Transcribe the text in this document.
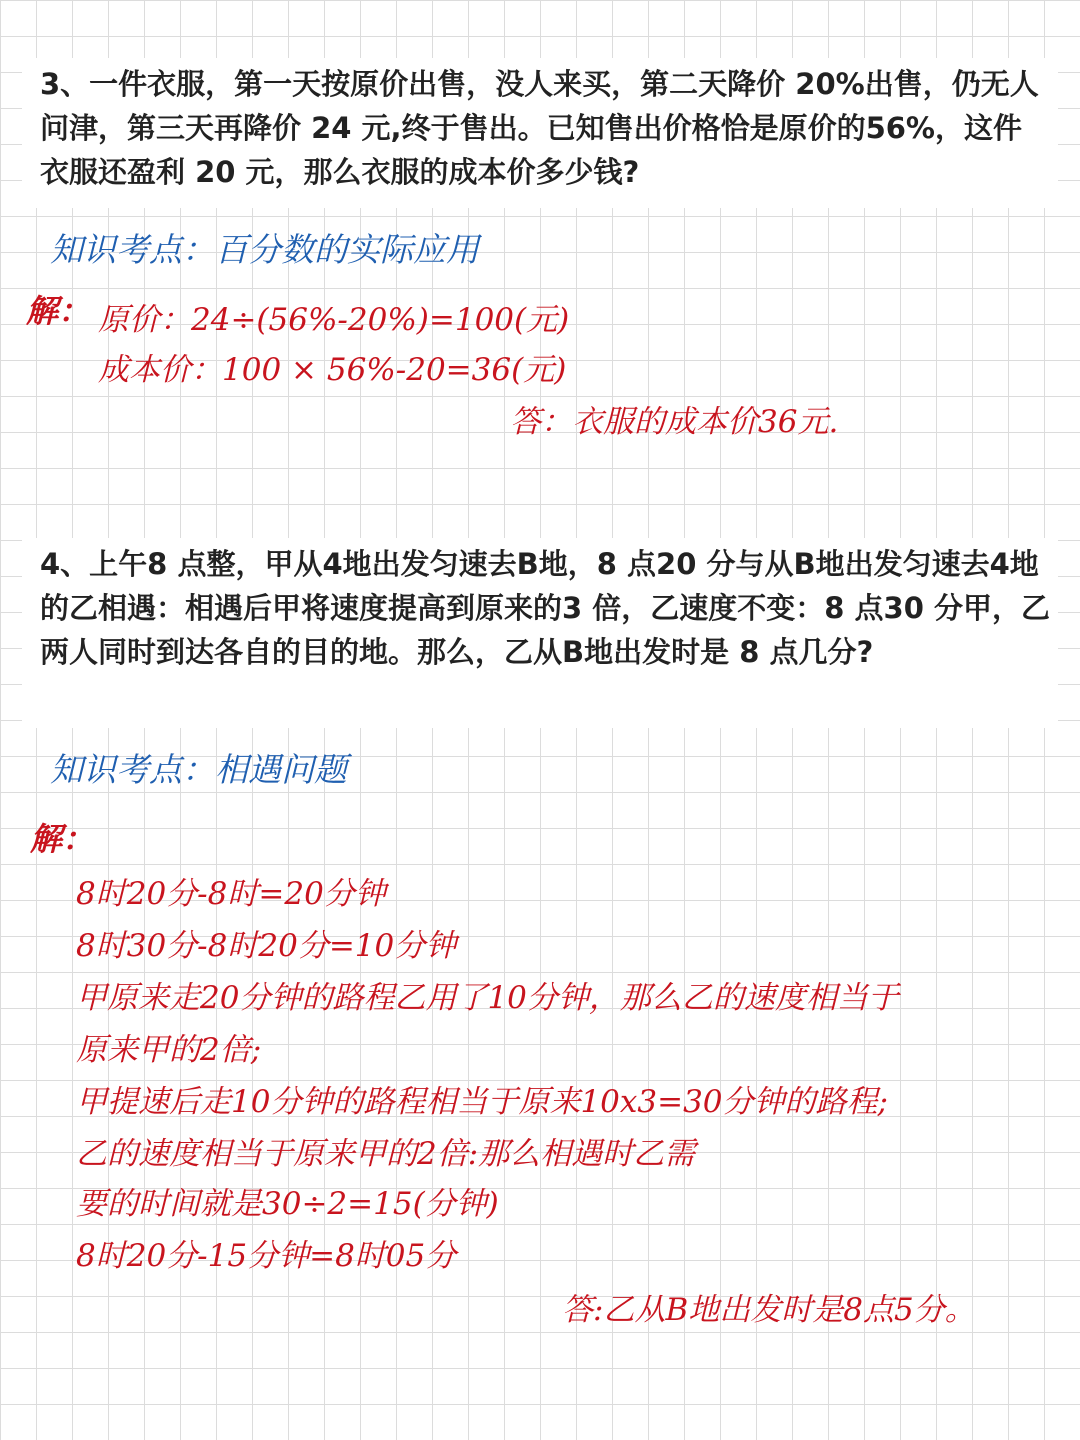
3、一件衣服，第一天按原价出售，没人来买，第二天降价 20%出售，仍无人问津，第三天再降价 24 元,终于售出。已知售出价格恰是原价的56%，这件衣服还盈利 20 元，那么衣服的成本价多少钱?

知识考点：百分数的实际应用

解： 原价：24÷(56%-20%)=100(元)

成本价：100 × 56%-20=36(元)

答：衣服的成本价36元.

4、上午8 点整，甲从4地出发匀速去B地，8 点20 分与从B地出发匀速去4地的乙相遇：相遇后甲将速度提高到原来的3 倍，乙速度不变：8 点30 分甲，乙两人同时到达各自的目的地。那么，乙从B地出发时是 8 点几分?

知识考点：相遇问题

解：

8时20分-8时=20分钟

8时30分-8时20分=10分钟

甲原来走20分钟的路程乙用了10分钟，那么乙的速度相当于

原来甲的2倍;

甲提速后走10分钟的路程相当于原来10x3=30分钟的路程;

乙的速度相当于原来甲的2倍:那么相遇时乙需

要的时间就是30÷2=15(分钟)

8时20分-15分钟=8时05分

答:乙从B地出发时是8点5分。
